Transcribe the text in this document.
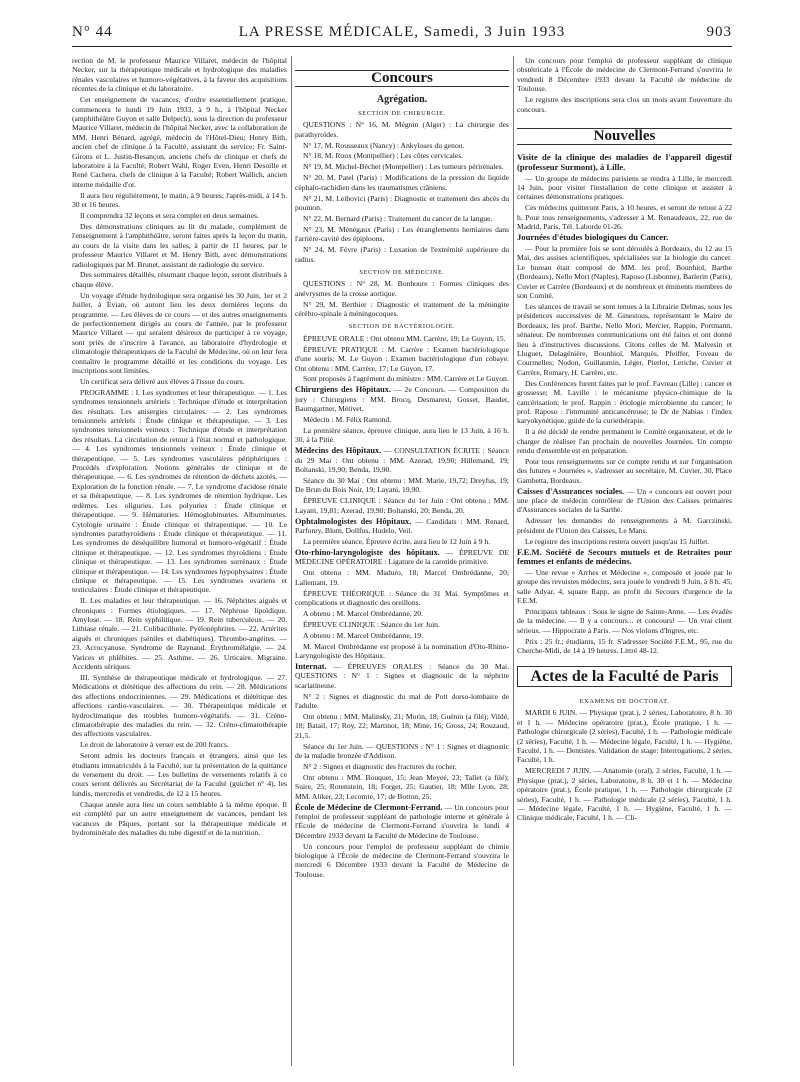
N° 44	LA PRESSE MÉDICALE, Samedi, 3 Juin 1933	903

rection de M. le professeur Maurice Villaret, médecin de l'hôpital Necker, sur la thérapeutique médicale et hydrologique des maladies rénales vasculaires et humoro-végétatives, à la faveur des acquisitions récentes de la clinique et du laboratoire.

Cet enseignement de vacances, d'ordre essentiellement pratique, commencera le lundi 19 Juin 1933, à 9 h., à l'hôpital Necker (amphithéâtre Guyon et salle Delpech), sous la direction du professeur Maurice Villaret, médecin de l'hôpital Necker, avec la collaboration de MM. Henri Bénard, agrégé, médecin de l'Hôtel-Dieu; Henry Bith, ancien chef de clinique à la Faculté, assistant du service; Fr. Saint-Girons et L. Justin-Besançon, anciens chefs de clinique et chefs de laboratoire à la Faculté; Robert Wahl, Roger Even, Henri Desoille et René Cachera, chefs de clinique à la Faculté; Robert Wallich, ancien interne médaille d'or.

Il aura lieu régulièrement, le matin, à 9 heures; l'après-midi, à 14 h. 30 et 16 heures.

Il comprendra 32 leçons et sera complet en deux semaines.

Des démonstrations cliniques au lit du malade, complément de l'enseignement à l'amphithéâtre, seront faites après la leçon du matin, au cours de la visite dans les salles, à partir de 11 heures, par le professeur Maurice Villaret et M. Henry Bith, avec démonstrations radiologiques par M. Brunet, assistant de radiologie du service.

Des sommaires détaillés, résumant chaque leçon, seront distribués à chaque élève.

Un voyage d'étude hydrologique sera organisé les 30 Juin, 1er et 2 Juillet, à Évian, où auront lieu les deux dernières leçons du programme. — Les élèves de ce cours — et des autres enseignements de perfectionnement dirigés au cours de l'année, par le professeur Maurice Villaret — qui seraient désireux de participer à ce voyage, sont priés de s'inscrire à l'avance, au laboratoire d'hydrologie et climatologie thérapeutiques de la Faculté de Médecine, où on leur fera connaître le programme détaillé et les conditions du voyage. Les inscriptions sont limitées.

Un certificat sera délivré aux élèves à l'issue du cours.

PROGRAMME : I. Les syndromes et leur thérapeutique. — 1. Les syndromes tensionnels artériels : Technique d'étude et interprétation des résultats. Les anisergies circulaires. — 2. Les syndromes tensionnels artériels : Étude clinique et thérapeutique. — 3. Les syndromes tensionnels veineux : Technique d'étude et interprétation des résultats. La circulation de retour à l'état normal et pathologique. — 4. Les syndromes tensionnels veineux : Étude clinique et thérapeutique. — 5. Les syndromes vasculaires périphériques : Procédés d'exploration. Notions générales de clinique et de thérapeutique. — 6. Les syndromes de rétention de déchets azotés. — Exploration de la fonction rénale. — 7. Le syndrome d'acidose rénale et sa thérapeutique. — 8. Les syndromes de rétention hydrique. Les œdèmes. Les oliguries. Les polyuries : Étude clinique et thérapeutique. — 9. Hématuries. Hémoglobinuries. Albuminuries. Cytologie urinaire : Étude clinique et thérapeutique. — 10. Le syndromes parathyroïdiens : Étude clinique et thérapeutique. — 11. Les syndromes de déséquilibre humoral et humoro-végétatif : Étude clinique et thérapeutique. — 12. Les syndromes thyroïdiens : Étude clinique et thérapeutique. — 13. Les syndromes surrénaux : Étude clinique et thérapeutique. — 14. Les syndromes hypophysaires : Étude clinique et thérapeutique. — 15. Les syndromes ovariens et testiculaires : Étude clinique et thérapeutique.

II. Les maladies et leur thérapeutique. — 16. Néphrites aiguës et chroniques : Formes étiologiques. — 17. Néphrose lipoïdique. Amylose. — 18. Rein syphilitique. — 19. Rein tuberculeux. — 20. Lithiase rénale. — 21. Colibacillurie. Pyélonéphrites. — 22. Artérites aiguës et chroniques (séniles et diabétiques). Thrombo-angéites. — 23. Acrocyanose. Syndrome de Raynaud. Érythromélalgie. — 24. Varices et phlébites. — 25. Asthme. — 26. Urticaire. Migraine. Accidents sériques.

III. Synthèse de thérapeutique médicale et hydrologique. — 27. Médications et diététique des affections du rein. — 28. Médications des affections endocriniennes. — 29. Médications et diététique des affections cardio-vasculaires. — 30. Thérapeutique médicale et hydroclimatique des troubles humoro-végétatifs. — 31. Créno-climatothérapie des maladies du rein. — 32. Créno-climatothérapie des affections vasculaires.

Le droit de laboratoire à verser est de 200 francs.

Seront admis les docteurs français et étrangers, ainsi que les étudiants immatriculés à la Faculté, sur la présentation de la quittance de versement du droit. — Les bulletins de versements relatifs à ce cours seront délivrés au Secrétariat de la Faculté (guichet n° 4), les lundis, mercredis et vendredis, de 12 à 15 heures.

Chaque année aura lieu un cours semblable à la même époque. Il est complété par un autre enseignement de vacances, pendant les vacances de Pâques, portant sur la thérapeutique médicale et hydrominérale des maladies du tube digestif et de la nutrition.

Concours
Agrégation.
SECTION DE CHIRURGIE.

QUESTIONS : N° 16, M. Mégnin (Alger) : La chirurgie des parathyroïdes.

N° 17, M. Rousseaux (Nancy) : Ankyloses du genou.

N° 18, M. Roux (Montpellier) : Les côtes cervicales.

N° 19, M. Michel-Béchet (Montpellier) : Les tumeurs périrénales.

N° 20, M. Patel (Paris) : Modifications de la pression du liquide céphalo-rachidien dans les traumatismes crâniens.

N° 21, M. Leibovici (Paris) : Diagnostic et traitement des abcès du poumon.

N° 22, M. Bernard (Paris) : Traitement du cancer de la langue.

N° 23, M. Ménégaux (Paris) : Les étranglements herniaires dans l'arrière-cavité des épiploons.

N° 24, M. Fèvre (Paris) : Luxation de l'extrémité supérieure du radius.

SECTION DE MÉDECINE.

QUESTIONS : N° 28, M. Bonhoure : Formes cliniques des anévrysmes de la crosse aortique.

N° 29, M. Berthier : Diagnostic et traitement de la méningite cérébro-spinale à méningocoques.

SECTION DE BACTÉRIOLOGIE.

ÉPREUVE ORALE : Ont obtenu MM. Carrère, 19; Le Guyon, 15.

ÉPREUVE PRATIQUE : M. Carrère : Examen bactériologique d'une souris; M. Le Guyon : Examen bactériologique d'un cobaye. Ont obtenu : MM. Carrère, 17; Le Guyon, 17.

Sont proposés à l'agrément du ministre : MM. Carrère et Le Guyon.

Chirurgiens des Hôpitaux. — 2e Concours. — Composition du jury : Chirurgiens : MM. Brocq, Desmarest, Gosset, Baudet, Baumgartner, Métivet.

Médecin : M. Félix Ramond.

La première séance, épreuve clinique, aura lieu le 13 Juin, à 16 h. 30, à la Pitié.

Médecins des Hôpitaux. — CONSULTATION ÉCRITE : Séance du 29 Mai : Ont obtenu : MM. Azerad, 19,90; Hillemand, 19; Boltanski, 19,90; Benda, 19,90.

Séance du 30 Mai : Ont obtenu : MM. Marie, 19,72; Dreyfus, 19; De Brun du Bois Noir, 19; Layani, 19,90.

ÉPREUVE CLINIQUE : Séance du 1er Juin : Ont obtenu : MM. Layani, 19,81; Azerad, 19,90; Boltanski, 20; Benda, 20.

Ophtalmologistes des Hôpitaux. — Candidats : MM. Renard, Parfonry, Blum, Dollfus, Hudelo, Veil.

La première séance, Épreuve écrite, aura lieu le 12 Juin à 9 h.

Oto-rhino-laryngologiste des hôpitaux. — ÉPREUVE DE MÉDECINE OPÉRATOIRE : Ligature de la carotide primitive.

Ont obtenu : MM. Maduro, 18; Marcel Ombrédanne, 20; Lallemant, 19.

ÉPREUVE THÉORIQUE : Séance du 31 Mai. Symptômes et complications et diagnostic des oreillons.

A obtenu : M. Marcel Ombrédanne, 20.

ÉPREUVE CLINIQUE : Séance du 1er Juin.

A obtenu : M. Marcel Ombrédanne, 19.

M. Marcel Ombrédanne est proposé à la nomination d'Oto-Rhino-Laryngologiste des Hôpitaux.

Internat. — ÉPREUVES ORALES : Séance du 30 Mai. QUESTIONS : N° 1 : Signes et diagnostic de la néphrite scarlatineuse.

N° 2 : Signes et diagnostic du mal de Pott dorso-lombaire de l'adulte.

Ont obtenu : MM. Malinsky, 21; Morin, 18; Guénin (a filé); Vildé, 18; Batail, 17; Roy, 22; Martinot, 18; Mine, 16; Gross, 24; Rouzaud, 21,5.

Séance du 1er Juin. — QUESTIONS : N° 1 : Signes et diagnostic de la maladie bronzée d'Addison.

N° 2 : Signes et diagnostic des fractures du rocher.

Ont obtenu : MM. Bouquet, 15; Jean Meyeé, 23; Tallet (a filé); Suire, 25; Rotenstein, 18; Forget, 25; Gautier, 18; Mlle Lyon, 28; MM. Aliker, 23; Lecomte, 17; de Botton, 25.

École de Médecine de Clermont-Ferrand. — Un concours pour l'emploi de professeur suppléant de pathologie interne et générale à l'École de médecine de Clermont-Ferrand s'ouvrira le lundi 4 Décembre 1933 devant la Faculté de Médecine de Toulouse.

Un concours pour l'emploi de professeur suppléant de chimie biologique à l'École de médecine de Clermont-Ferrand s'ouvrira le mercredi 6 Décembre 1933 devant la Faculté de Médecine de Toulouse.

Un concours pour l'emploi de professeur suppléant de clinique obstétricale à l'École de médecine de Clermont-Ferrand s'ouvrira le vendredi 8 Décembre 1933 devant la Faculté de médecine de Toulouse.

Le registre des inscriptions sera clos un mois avant l'ouverture du concours.

Nouvelles

Visite de la clinique des maladies de l'appareil digestif (professeur Surmont), à Lille.

— Un groupe de médecins parisiens se rendra à Lille, le mercredi 14 Juin, pour visiter l'installation de cette clinique et assister à certaines démonstrations pratiques.

Ces médecins quitteront Paris, à 10 heures, et seront de retour à 22 h. Pour tous renseignements, s'adresser à M. Renaudeaux, 22, rue de Madrid, Paris, Tél. Laborde 01-26.

Journées d'études biologiques du Cancer.

— Pour la première fois se sont déroulés à Bordeaux, du 12 au 15 Mai, des assises scientifiques, spécialisées sur la biologie du cancer. Le bureau était composé de MM. les prof. Bounhiol, Barthe (Bordeaux), Nello Mori (Naples), Raposo (Lisbonne), Barlerin (Paris), Cuvier et Carrère (Bordeaux) et de nombreux et éminents membres de son Comité.

Les séances de travail se sont tenues à la Librairie Delmas, sous les présidences successives de M. Ginestous, représentant le Maire de Bordeaux, les prof. Barthe, Nello Mori, Mercier, Rappin, Portmann, sénateur. De nombreuses communications ont été faites et ont donné lieu à d'instructives discussions. Citons celles de M. Malvesin et Lluguet, Delagénière, Bounhiol, Marquès, Pfeiffer, Foveau de Courmelles; Nodon, Guillaumin, Léger, Pierlot, Leriche, Cuvier et Carrère, Romary, H. Carrère, etc.

Des Conférences furent faites par le prof. Favreau (Lille) : cancer et grossesse; M. Laville : le mécanisme physico-chimique de la cancérisation; le prof. Rappin : étiologie microbienne du cancer; le prof. Raposo : l'immunité anticancéreuse; le Dr de Nabias : l'index karyokynétique, guide de la curiethérapie.

Il a été décidé de rendre permanent le Comité organisateur, et de le charger de réaliser l'an prochain de nouvelles Journées. Un compte rendu d'ensemble est en préparation.

Pour tous renseignements sur ce compte rendu et sur l'organisation des futures « Journées », s'adresser au secrétaire, M. Cuvier, 30, Place Gambetta, Bordeaux.

Caisses d'Assurances sociales. — Un « concours est ouvert pour une place de médecin contrôleur de l'Union des Caisses primaires d'Assurances sociales de la Sarthe.

Adresser les demandes de renseignements à M. Garczinski, président de l'Union des Caisses, Le Mans.

Le registre des inscriptions restera ouvert jusqu'au 15 Juillet.

F.E.M. Société de Secours mutuels et de Retraites pour femmes et enfants de médecins.

— Une revue « Arrhes et Médecine », composée et jouée par le groupe des revuistes médecins, sera jouée le vendredi 9 Juin, à 8 h. 45, salle Adyar, 4, square Rapp, au profit du Secours d'urgence de la F.E.M.

Principaux tableaux : Sous le signe de Sainte-Anne. — Les évadés de la médecine. — Il y a concours... et concours! — Un vrai client sérieux. — Hippocrate à Paris. — Nos violons d'Ingres, etc.

Prix : 25 fr.; étudiants, 15 fr. S'adresser Société F.E.M., 95, rue du Cherche-Midi, de 14 à 19 heures. Littré 48-12.

Actes de la Faculté de Paris
EXAMENS DE DOCTORAT.

MARDI 6 JUIN. — Physique (prat.), 2 séries, Laboratoire, 8 h. 30 et 1 h. — Médecine opératoire (prat.), École pratique, 1 h. — Pathologie chirurgicale (2 séries), Faculté, 1 h. — Pathologie médicale (2 séries), Faculté, 1 h. — Médecine légale, Faculté, 1 h. — Hygiène, Faculté, 1 h. — Dentistes. Validation de stage: Interrogations, 2 séries, Faculté, 1 h.

MERCREDI 7 JUIN. — Anatomie (oral), 2 séries, Faculté, 1 h. — Physique (prat.), 2 séries, Laboratoire, 8 h. 30 et 1 h. — Médecine opératoire (prat.), École pratique, 1 h. — Pathologie chirurgicale (2 séries), Faculté, 1 h. — Pathologie médicale (2 séries), Faculté, 1 h. — Médecine légale, Faculté, 1 h. — Hygiène, Faculté, 1 h. — Clinique médicale, Faculté, 1 h. — Cli-
